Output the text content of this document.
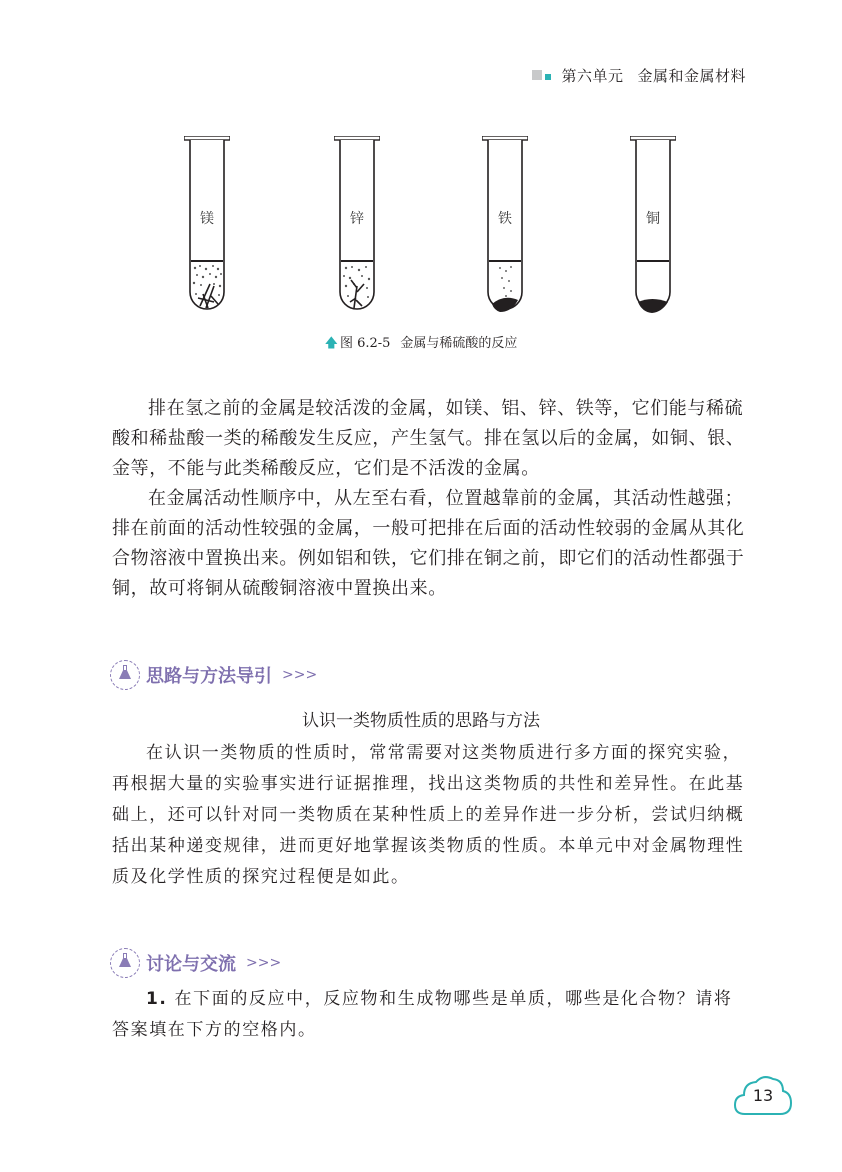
第六单元 金属和金属材料
镁	锌	铁	铜
🡅 图 6.2-5 金属与稀硫酸的反应

排在氢之前的金属是较活泼的金属，如镁、铝、锌、铁等，它们能与稀硫酸和稀盐酸一类的稀酸发生反应，产生氢气。排在氢以后的金属，如铜、银、金等，不能与此类稀酸反应，它们是不活泼的金属。

在金属活动性顺序中，从左至右看，位置越靠前的金属，其活动性越强；排在前面的活动性较强的金属，一般可把排在后面的活动性较弱的金属从其化合物溶液中置换出来。例如铝和铁，它们排在铜之前，即它们的活动性都强于铜，故可将铜从硫酸铜溶液中置换出来。

思路与方法导引 >>>
认识一类物质性质的思路与方法

在认识一类物质的性质时，常常需要对这类物质进行多方面的探究实验，再根据大量的实验事实进行证据推理，找出这类物质的共性和差异性。在此基础上，还可以针对同一类物质在某种性质上的差异作进一步分析，尝试归纳概括出某种递变规律，进而更好地掌握该类物质的性质。本单元中对金属物理性质及化学性质的探究过程便是如此。

讨论与交流 >>>

1. 在下面的反应中，反应物和生成物哪些是单质，哪些是化合物？请将答案填在下方的空格内。

13
